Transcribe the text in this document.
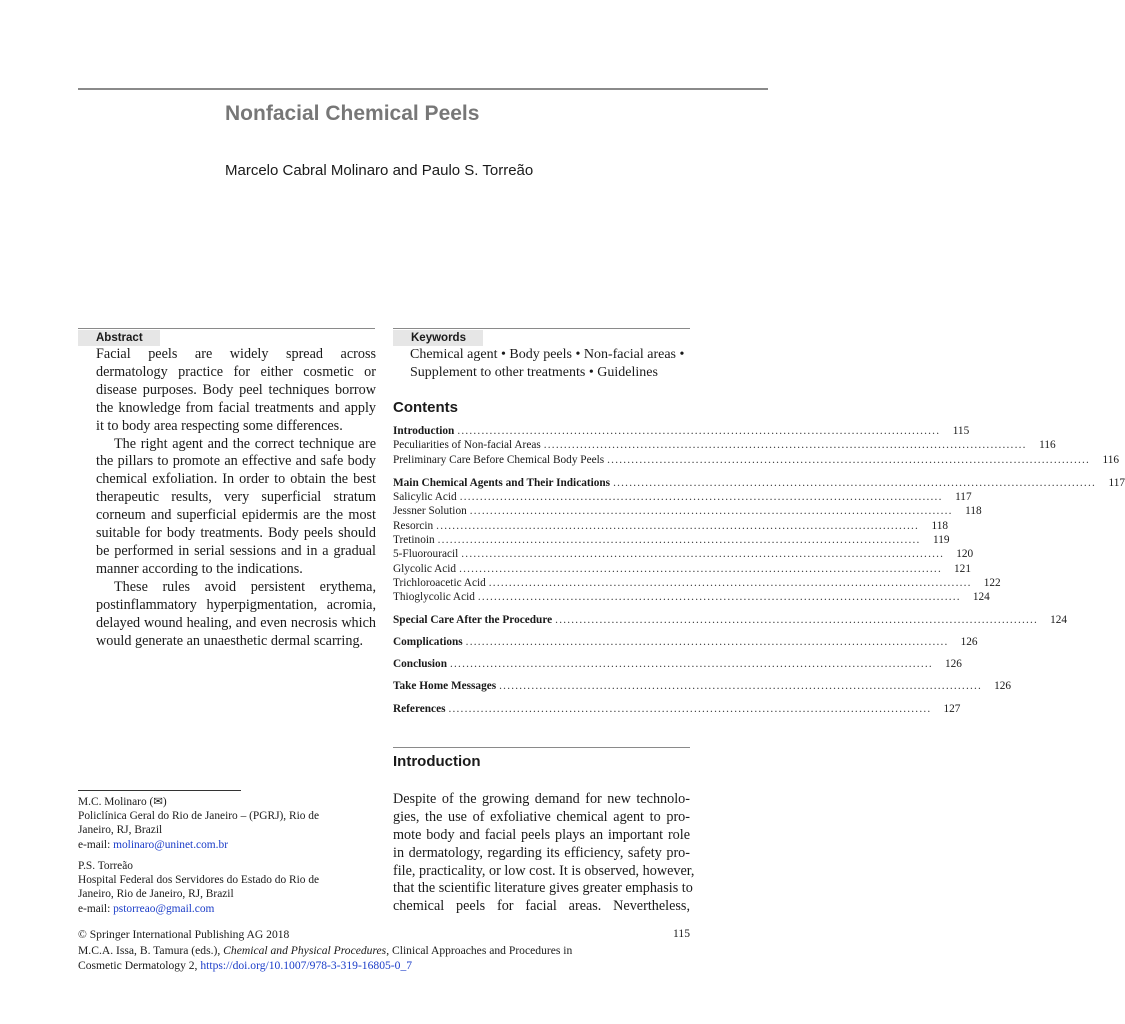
Nonfacial Chemical Peels
Marcelo Cabral Molinaro and Paulo S. Torreão
Abstract

Facial peels are widely spread across dermatology practice for either cosmetic or disease purposes. Body peel techniques borrow the knowledge from facial treatments and apply it to body area respecting some differences.

The right agent and the correct technique are the pillars to promote an effective and safe body chemical exfoliation. In order to obtain the best therapeutic results, very superficial stratum corneum and superficial epidermis are the most suitable for body treatments. Body peels should be performed in serial sessions and in a gradual manner according to the indications.

These rules avoid persistent erythema, postinflammatory hyperpigmentation, acromia, delayed wound healing, and even necrosis which would generate an unaesthetic dermal scarring.

Keywords
Chemical agent • Body peels • Non-facial areas •
Supplement to other treatments • Guidelines
Contents
Introduction ........................................................................................................................	115
Peculiarities of Non-facial Areas ........................................................................................................................	116
Preliminary Care Before Chemical Body Peels ........................................................................................................................	116
Main Chemical Agents and Their Indications ........................................................................................................................	117
Salicylic Acid ........................................................................................................................	117
Jessner Solution ........................................................................................................................	118
Resorcin ........................................................................................................................	118
Tretinoin ........................................................................................................................	119
5-Fluorouracil ........................................................................................................................	120
Glycolic Acid ........................................................................................................................	121
Trichloroacetic Acid ........................................................................................................................	122
Thioglycolic Acid ........................................................................................................................	124
Special Care After the Procedure ........................................................................................................................	124
Complications ........................................................................................................................	126
Conclusion ........................................................................................................................	126
Take Home Messages ........................................................................................................................	126
References ........................................................................................................................	127
Introduction
Despite of the growing demand for new technolo-
gies, the use of exfoliative chemical agent to pro-
mote body and facial peels plays an important role
in dermatology, regarding its efficiency, safety pro-
file, practicality, or low cost. It is observed, however,
that the scientific literature gives greater emphasis to
chemical peels for facial areas. Nevertheless,
M.C. Molinaro (✉)
Policlínica Geral do Rio de Janeiro – (PGRJ), Rio de
Janeiro, RJ, Brazil
e-mail: molinaro@uninet.com.br
P.S. Torreão
Hospital Federal dos Servidores do Estado do Rio de
Janeiro, Rio de Janeiro, RJ, Brazil
e-mail: pstorreao@gmail.com
© Springer International Publishing AG 2018
M.C.A. Issa, B. Tamura (eds.), Chemical and Physical Procedures, Clinical Approaches and Procedures in
Cosmetic Dermatology 2, https://doi.org/10.1007/978-3-319-16805-0_7
115
